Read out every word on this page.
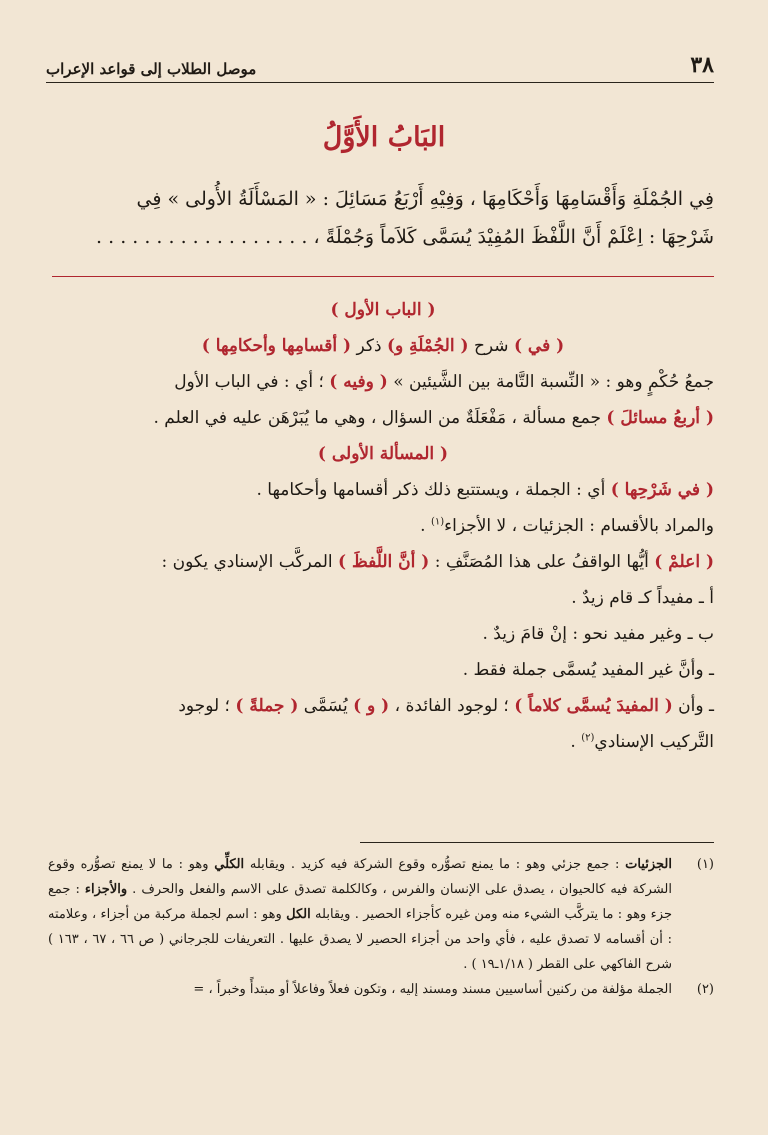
٣٨
موصل الطلاب إلى قواعد الإعراب
البَابُ الأَوَّلُ

فِي الجُمْلَةِ وَأَقْسَامِهَا وَأَحْكَامِهَا ، وَفِيْهِ أَرْبَعُ مَسَائِلَ : « المَسْأَلَةُ الأُولى » فِي

شَرْحِهَا : اِعْلَمْ أَنَّ اللَّفْظَ المُفِيْدَ يُسَمَّى كَلاَماً وَجُمْلَةً ، . . . . . . . . . . . . . . . . . .

( الباب الأول )

( في ) شرح ( الجُمْلَةِ و) ذكر ( أقسامِها وأحكامِها )

جمعُ حُكْمٍ وهو : « النِّسبة التَّامة بين الشَّيئين » ( وفيه ) ؛ أي : في الباب الأول

( أربعُ مسائلَ ) جمع مسألة ، مَفْعَلَةٌ من السؤال ، وهي ما يُبَرْهَن عليه في العلم .

( المسألة الأولى )

( في شَرْحِها ) أي : الجملة ، ويستتبع ذلك ذكر أقسامها وأحكامها .

والمراد بالأقسام : الجزئيات ، لا الأجزاء$^{(١)}$ .

( اعلمْ ) أيُّها الواقفُ على هذا المُصَنَّفِ : ( أنَّ اللَّفظَ ) المركَّب الإسنادي يكون :

أ ـ مفيداً كـ قام زيدٌ .

ب ـ وغير مفيد نحو : إنْ قامَ زيدٌ .

ـ وأنَّ غير المفيد يُسمَّى جملة فقط .

ـ وأن ( المفيدَ يُسمَّى كلاماً ) ؛ لوجود الفائدة ، ( و ) يُسَمَّى ( جملةً ) ؛ لوجود

التَّركيب الإسنادي$^{(٢)}$ .

(١)
الجزئيات : جمع جزئي وهو : ما يمنع تصوُّره وقوع الشركة فيه كزيد . ويقابله الكلِّي وهو : ما لا يمنع تصوُّره وقوع الشركة فيه كالحيوان ، يصدق على الإنسان والفرس ، وكالكلمة تصدق على الاسم والفعل والحرف . والأجزاء : جمع جزء وهو : ما يتركَّب الشيء منه ومن غيره كأجزاء الحصير . ويقابله الكل وهو : اسم لجملة مركبة من أجزاء ، وعلامته : أن أقسامه لا تصدق عليه ، فأي واحد من أجزاء الحصير لا يصدق عليها . التعريفات للجرجاني ( ص ٦٦ ، ٦٧ ، ١٦٣ ) شرح الفاكهي على القطر ( ١/١٨ـ١٩ ) .
(٢)
الجملة مؤلفة من ركنين أساسيين مسند ومسند إليه ، وتكون فعلاً وفاعلاً أو مبتدأً وخبراً ، =
